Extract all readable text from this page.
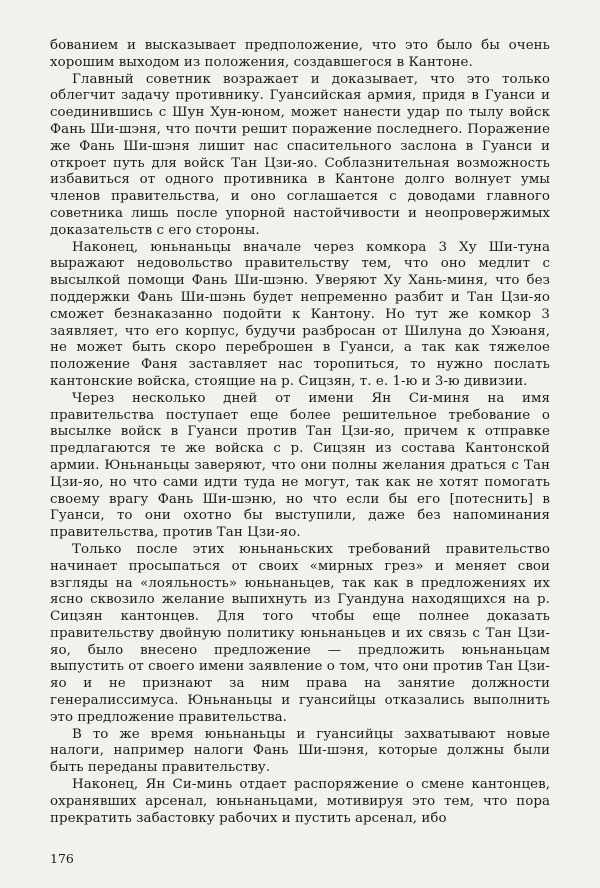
бованием и высказывает предположение, что это было бы очень хорошим выходом из положения, создавшегося в Кантоне.

Главный советник возражает и доказывает, что это только облегчит задачу противнику. Гуансийская армия, придя в Гуанси и соединившись с Шун Хун-юном, может нанести удар по тылу войск Фань Ши-шэня, что почти решит поражение последнего. Поражение же Фань Ши-шэня лишит нас спасительного заслона в Гуанси и откроет путь для войск Тан Цзи-яо. Соблазнительная возможность избавиться от одного противника в Кантоне долго волнует умы членов правительства, и оно соглашается с доводами главного советника лишь после упорной настойчивости и неопровержимых доказательств с его стороны.

Наконец, юньнаньцы вначале через комкора 3 Ху Ши-туна выражают недовольство правительству тем, что оно медлит с высылкой помощи Фань Ши-шэню. Уверяют Ху Хань-миня, что без поддержки Фань Ши-шэнь будет непременно разбит и Тан Цзи-яо сможет безнаказанно подойти к Кантону. Но тут же комкор 3 заявляет, что его корпус, будучи разбросан от Шилуна до Хэюаня, не может быть скоро переброшен в Гуанси, а так как тяжелое положение Фаня заставляет нас торопиться, то нужно послать кантонские войска, стоящие на р. Сицзян, т. е. 1-ю и 3-ю дивизии.

Через несколько дней от имени Ян Си-миня на имя правительства поступает еще более решительное требование о высылке войск в Гуанси против Тан Цзи-яо, причем к отправке предлагаются те же войска с р. Сицзян из состава Кантонской армии. Юньнаньцы заверяют, что они полны желания драться с Тан Цзи-яо, но что сами идти туда не могут, так как не хотят помогать своему врагу Фань Ши-шэню, но что если бы его [потеснить] в Гуанси, то они охотно бы выступили, даже без напоминания правительства, против Тан Цзи-яо.

Только после этих юньнаньских требований правительство начинает просыпаться от своих «мирных грез» и меняет свои взгляды на «лояльность» юньнаньцев, так как в предложениях их ясно сквозило желание выпихнуть из Гуандуна находящихся на р. Сицзян кантонцев. Для того чтобы еще полнее доказать правительству двойную политику юньнаньцев и их связь с Тан Цзи-яо, было внесено предложение — предложить юньнаньцам выпустить от своего имени заявление о том, что они против Тан Цзи-яо и не признают за ним права на занятие должности генералиссимуса. Юньнаньцы и гуансийцы отказались выполнить это предложение правительства.

В то же время юньнаньцы и гуансийцы захватывают новые налоги, например налоги Фань Ши-шэня, которые должны были быть переданы правительству.

Наконец, Ян Си-минь отдает распоряжение о смене кантонцев, охранявших арсенал, юньнаньцами, мотивируя это тем, что пора прекратить забастовку рабочих и пустить арсенал, ибо

176
